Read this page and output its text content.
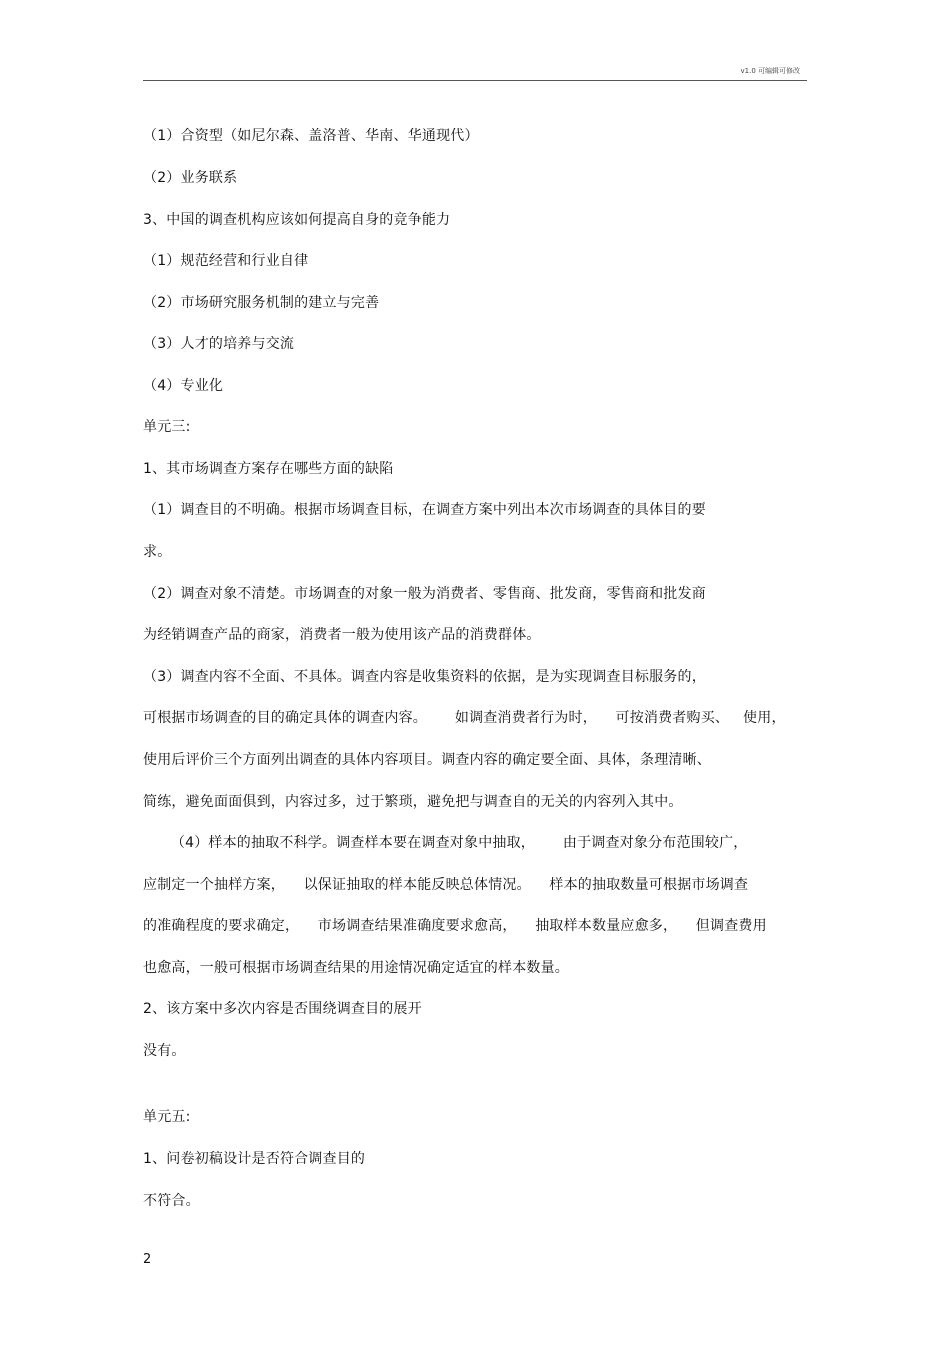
v1.0 可编辑可修改
（1）合资型（如尼尔森、盖洛普、华南、华通现代）
（2）业务联系
3、中国的调查机构应该如何提高自身的竞争能力
（1）规范经营和行业自律
（2）市场研究服务机制的建立与完善
（3）人才的培养与交流
（4）专业化
单元三:
1、其市场调查方案存在哪些方面的缺陷
（1）调查目的不明确。根据市场调查目标，在调查方案中列出本次市场调查的具体目的要
求。
（2）调查对象不清楚。市场调查的对象一般为消费者、零售商、批发商，零售商和批发商
为经销调查产品的商家，消费者一般为使用该产品的消费群体。
（3）调查内容不全面、不具体。调查内容是收集资料的依据，是为实现调查目标服务的，
可根据市场调查的目的确定具体的调查内容。      如调查消费者行为时，    可按消费者购买、   使用，
使用后评价三个方面列出调查的具体内容项目。调查内容的确定要全面、具体，条理清晰、
简练，避免面面俱到，内容过多，过于繁琐，避免把与调查自的无关的内容列入其中。
（4）样本的抽取不科学。调查样本要在调查对象中抽取，      由于调查对象分布范围较广，
应制定一个抽样方案，    以保证抽取的样本能反映总体情况。    样本的抽取数量可根据市场调查
的准确程度的要求确定，    市场调查结果准确度要求愈高，    抽取样本数量应愈多，    但调查费用
也愈高，一般可根据市场调查结果的用途情况确定适宜的样本数量。
2、该方案中多次内容是否围绕调查目的展开
没有。
单元五:
1、问卷初稿设计是否符合调查目的
不符合。
2
